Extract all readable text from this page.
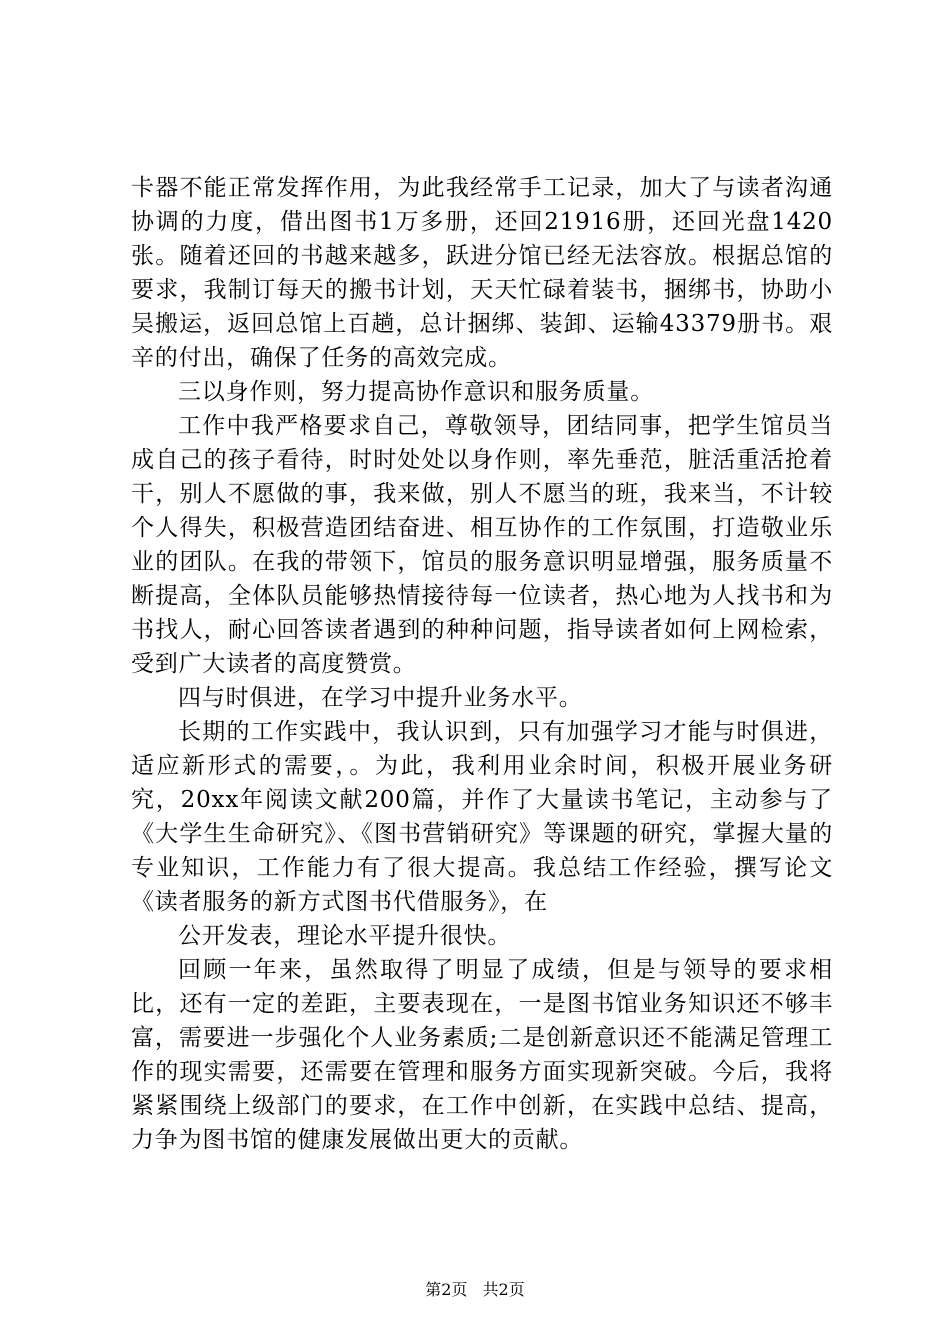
卡器不能正常发挥作用，为此我经常手工记录，加大了与读者沟通协调的力度，借出图书1万多册，还回21916册，还回光盘1420张。随着还回的书越来越多，跃进分馆已经无法容放。根据总馆的要求，我制订每天的搬书计划，天天忙碌着装书，捆绑书，协助小吴搬运，返回总馆上百趟，总计捆绑、装卸、运输43379册书。艰辛的付出，确保了任务的高效完成。

三以身作则，努力提高协作意识和服务质量。

工作中我严格要求自己，尊敬领导，团结同事，把学生馆员当成自己的孩子看待，时时处处以身作则，率先垂范，脏活重活抢着干，别人不愿做的事，我来做，别人不愿当的班，我来当，不计较个人得失，积极营造团结奋进、相互协作的工作氛围，打造敬业乐业的团队。在我的带领下，馆员的服务意识明显增强，服务质量不断提高，全体队员能够热情接待每一位读者，热心地为人找书和为书找人，耐心回答读者遇到的种种问题，指导读者如何上网检索，受到广大读者的高度赞赏。

四与时俱进，在学习中提升业务水平。

长期的工作实践中，我认识到，只有加强学习才能与时俱进，适应新形式的需要，。为此，我利用业余时间，积极开展业务研究，20xx年阅读文献200篇，并作了大量读书笔记，主动参与了《大学生生命研究》、《图书营销研究》等课题的研究，掌握大量的专业知识，工作能力有了很大提高。我总结工作经验，撰写论文《读者服务的新方式图书代借服务》，在

公开发表，理论水平提升很快。

回顾一年来，虽然取得了明显了成绩，但是与领导的要求相比，还有一定的差距，主要表现在，一是图书馆业务知识还不够丰富，需要进一步强化个人业务素质;二是创新意识还不能满足管理工作的现实需要，还需要在管理和服务方面实现新突破。今后，我将紧紧围绕上级部门的要求，在工作中创新，在实践中总结、提高，力争为图书馆的健康发展做出更大的贡献。

第2页 共2页
